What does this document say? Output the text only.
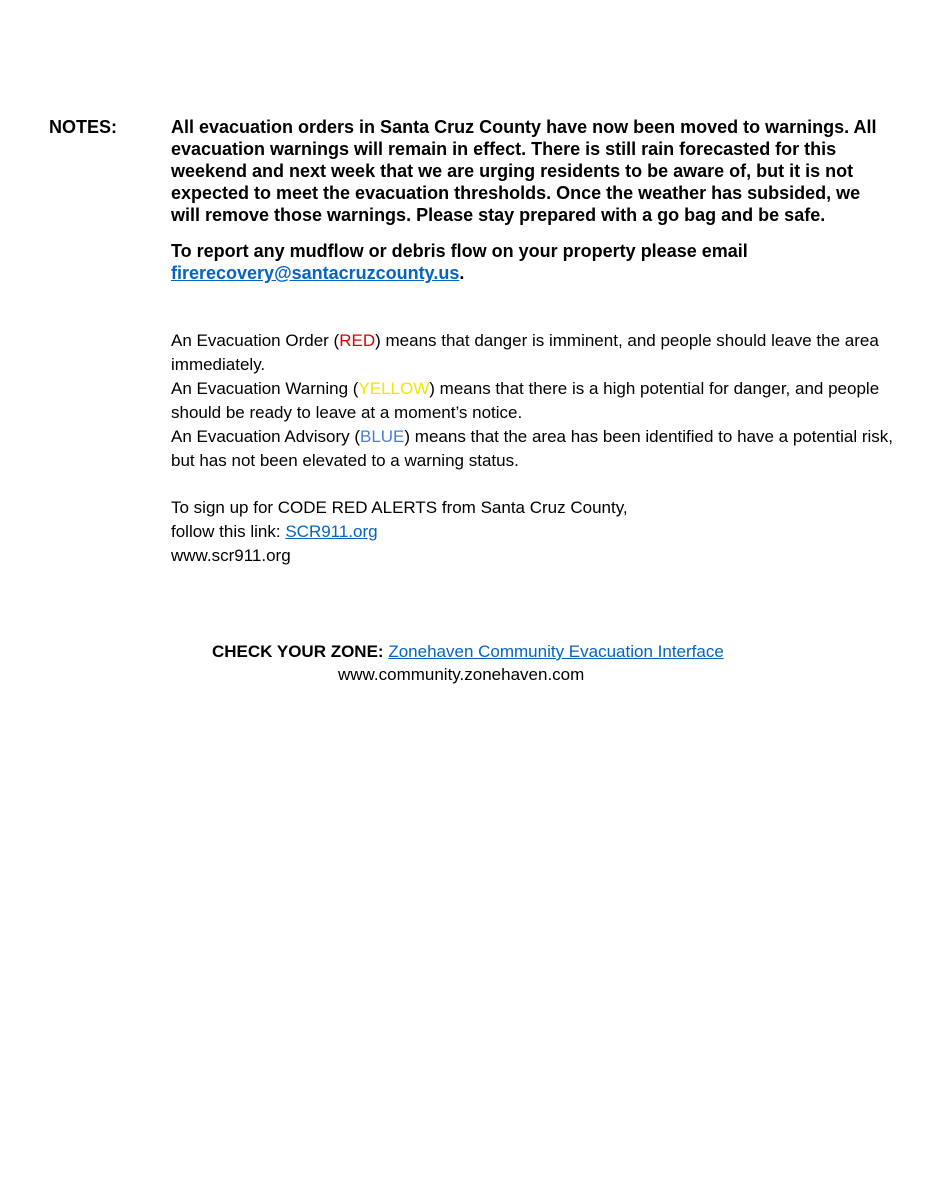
NOTES:	All evacuation orders in Santa Cruz County have now been moved to warnings. All evacuation warnings will remain in effect. There is still rain forecasted for this weekend and next week that we are urging residents to be aware of, but it is not expected to meet the evacuation thresholds. Once the weather has subsided, we will remove those warnings. Please stay prepared with a go bag and be safe.

To report any mudflow or debris flow on your property please email
firerecovery@santacruzcounty.us.

An Evacuation Order (RED) means that danger is imminent, and people should leave the area immediately.

An Evacuation Warning (YELLOW) means that there is a high potential for danger, and people should be ready to leave at a moment’s notice.

An Evacuation Advisory (BLUE) means that the area has been identified to have a potential risk, but has not been elevated to a warning status.

To sign up for CODE RED ALERTS from Santa Cruz County,

follow this link: SCR911.org

www.scr911.org

CHECK YOUR ZONE: Zonehaven Community Evacuation Interface
www.community.zonehaven.com
